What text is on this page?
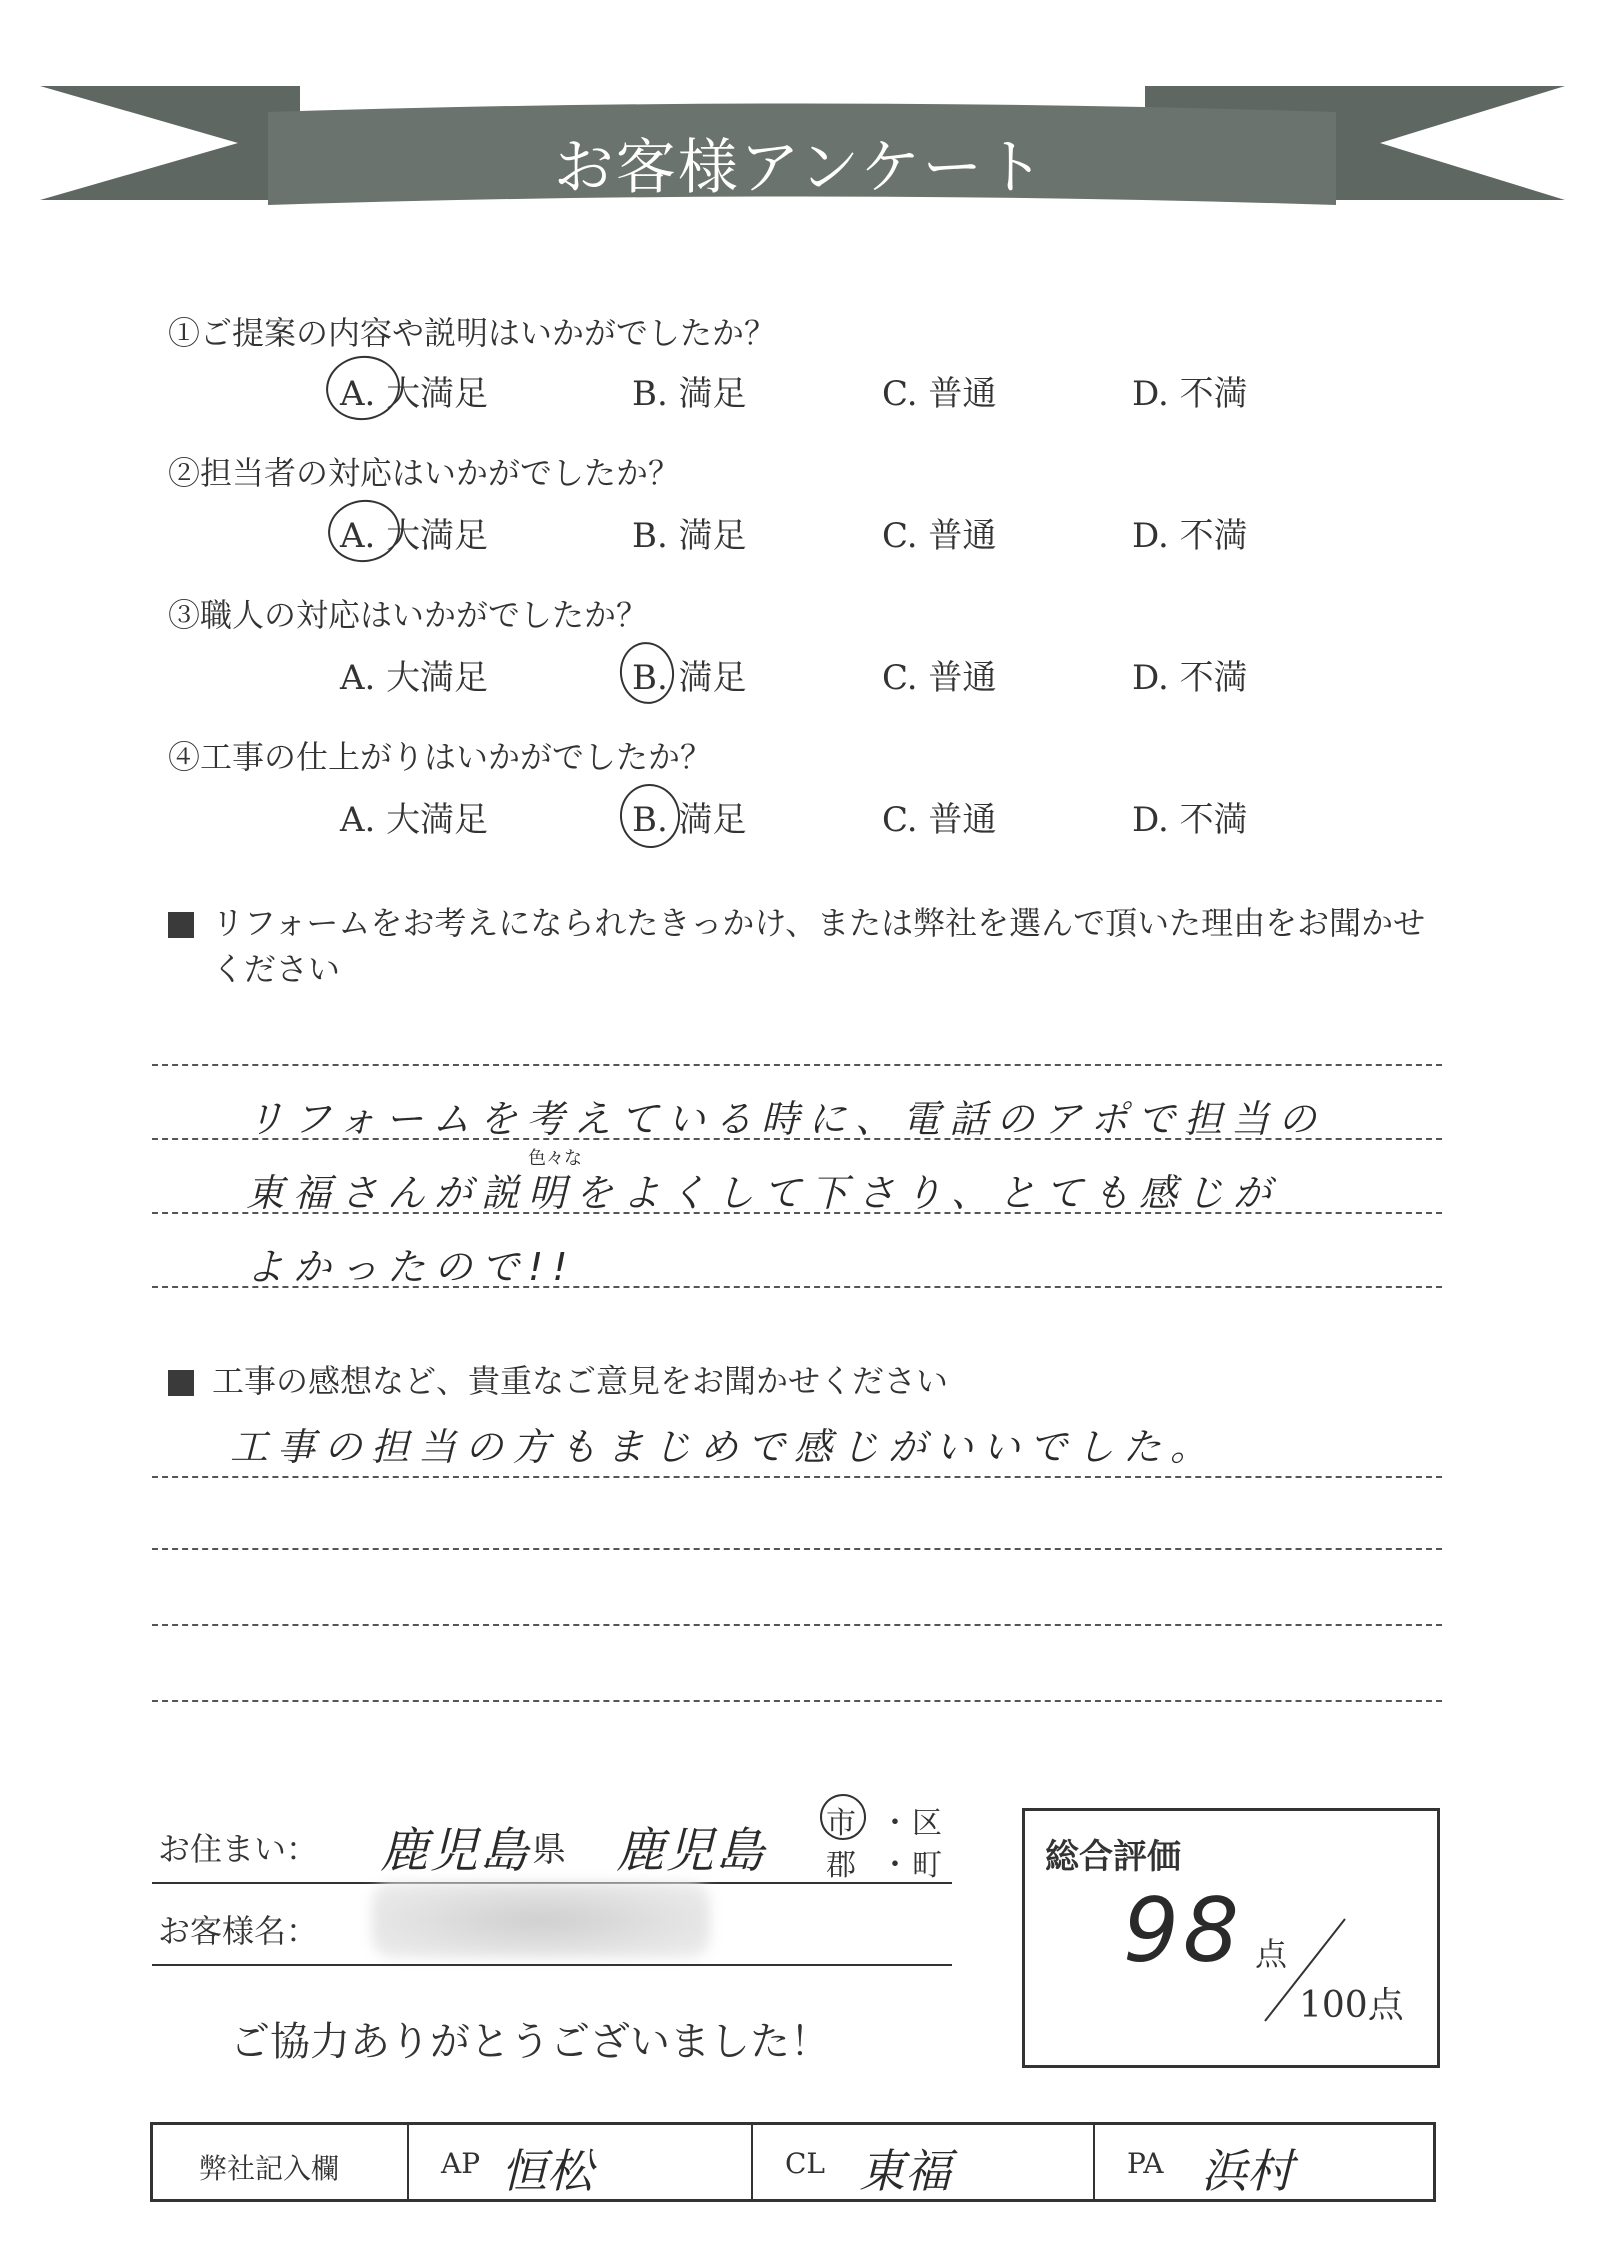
お客様アンケート
①ご提案の内容や説明はいかがでしたか？
A. 大満足	B. 満足	C. 普通	D. 不満
②担当者の対応はいかがでしたか？
A. 大満足	B. 満足	C. 普通	D. 不満
③職人の対応はいかがでしたか？
A. 大満足	B. 満足	C. 普通	D. 不満
④工事の仕上がりはいかがでしたか？
A. 大満足	B. 満足	C. 普通	D. 不満
リフォームをお考えになられたきっかけ、または弊社を選んで頂いた理由をお聞かせください
リフォームを考えている時に、電話のアポで担当の
色々な
東福さんが説明をよくして下さり、とても感じが
よかったので!!
工事の感想など、貴重なご意見をお聞かせください
工事の担当の方もまじめで感じがいいでした。
お住まい： 鹿児島 県 鹿児島 市 ・ 区
郡 ・ 町
お客様名：
ご協力ありがとうございました！
総合評価
98 点
100点
弊社記入欄	AP 恒松	CL 東福	PA 浜村
